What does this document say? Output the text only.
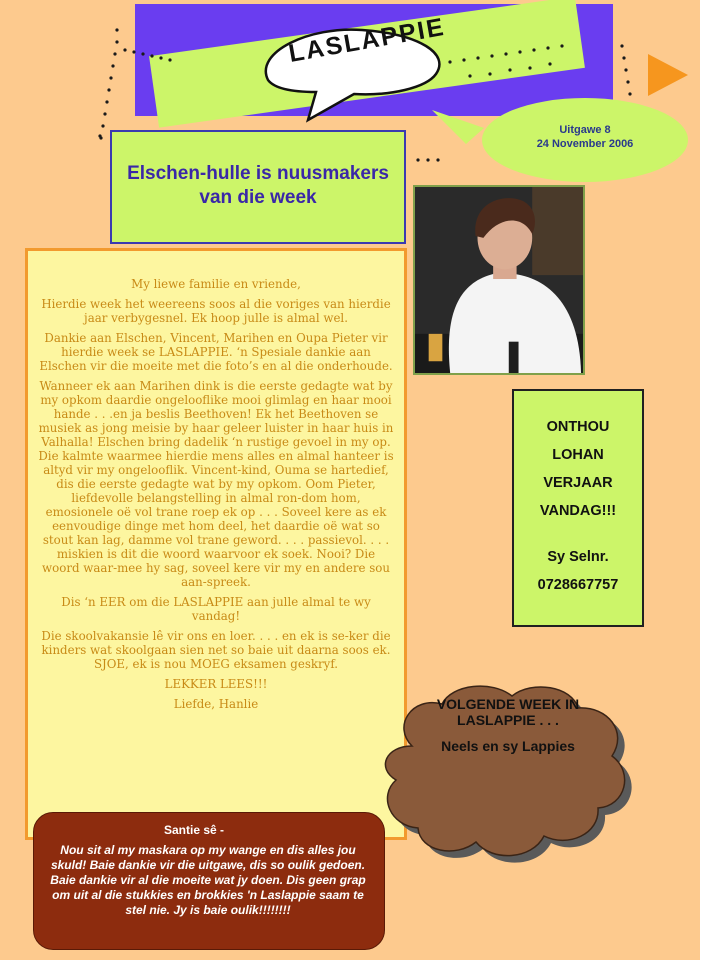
LASLAPPIE
Uitgawe 8
24 November 2006
Elschen-hulle is nuusmakers van die week

My liewe familie en vriende,

Hierdie week het weereens soos al die voriges van hierdie jaar verbygesnel. Ek hoop julle is almal wel.

Dankie aan Elschen, Vincent, Marihen en Oupa Pieter vir hierdie week se LASLAPPIE. ‘n Spesiale dankie aan Elschen vir die moeite met die foto’s en al die onderhoude.

Wanneer ek aan Marihen dink is die eerste gedagte wat by my opkom daardie ongelooflike mooi glimlag en haar mooi hande . . .en ja beslis Beethoven! Ek het Beethoven se musiek as jong meisie by haar geleer luister in haar huis in Valhalla! Elschen bring dadelik ‘n rustige gevoel in my op. Die kalmte waarmee hierdie mens alles en almal hanteer is altyd vir my ongelooflik. Vincent-kind, Ouma se hartedief, dis die eerste gedagte wat by my opkom. Oom Pieter, liefdevolle belangstelling in almal ron-dom hom, emosionele oë vol trane roep ek op . . . Soveel kere as ek eenvoudige dinge met hom deel, het daardie oë wat so stout kan lag, damme vol trane geword. . . . passievol. . . . miskien is dit die woord waarvoor ek soek. Nooi? Die woord waar-mee hy sag, soveel kere vir my en andere sou aan-spreek.

Dis ‘n EER om die LASLAPPIE aan julle almal te wy vandag!

Die skoolvakansie lê vir ons en loer. . . . en ek is se-ker die kinders wat skoolgaan sien net so baie uit daarna soos ek. SJOE, ek is nou MOEG eksamen geskryf.

LEKKER LEES!!!

Liefde, Hanlie

ONTHOU
LOHAN
VERJAAR
VANDAG!!!
Sy Selnr.
0728667757
VOLGENDE WEEK IN LASLAPPIE . . .
Neels en sy Lappies
Santie sê -
Nou sit al my maskara op my wange en dis alles jou skuld! Baie dankie vir die uitgawe, dis so oulik gedoen. Baie dankie vir al die moeite wat jy doen. Dis geen grap om uit al die stukkies en brokkies 'n Laslappie saam te stel nie. Jy is baie oulik!!!!!!!!
